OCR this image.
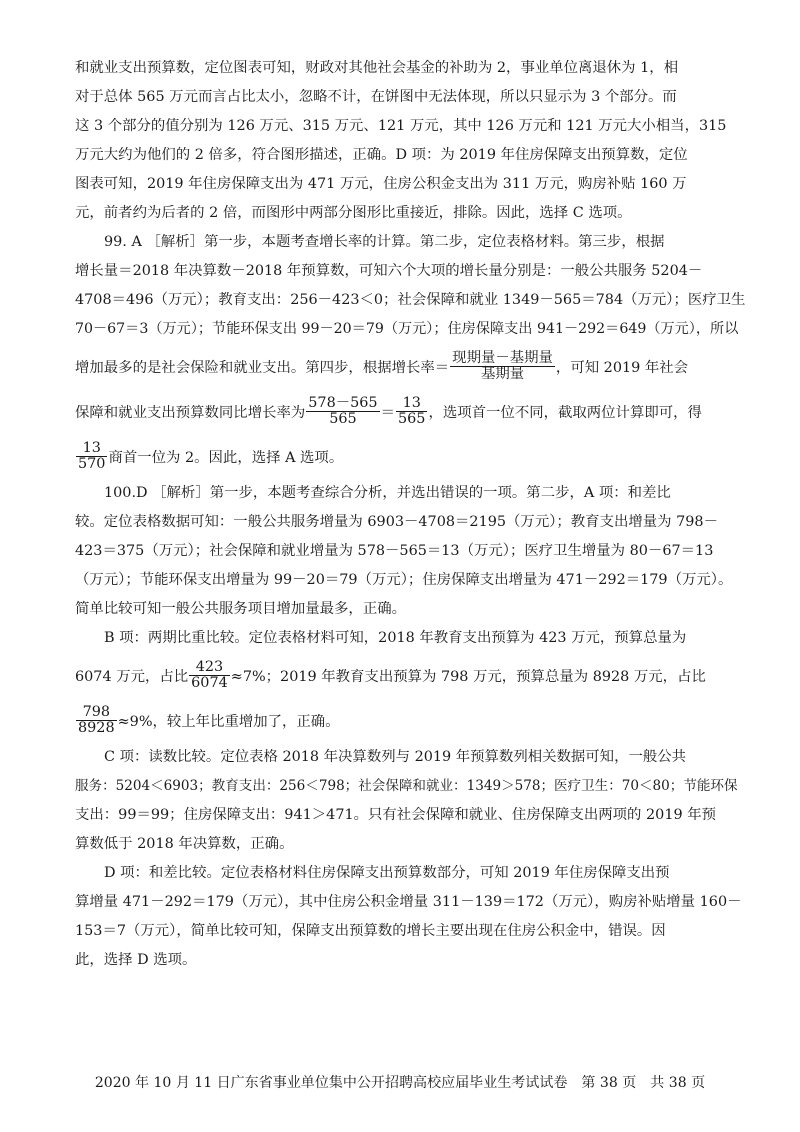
和就业支出预算数，定位图表可知，财政对其他社会基金的补助为 2，事业单位离退休为 1，相
对于总体 565 万元而言占比太小，忽略不计，在饼图中无法体现，所以只显示为 3 个部分。而
这 3 个部分的值分别为 126 万元、315 万元、121 万元，其中 126 万元和 121 万元大小相当，315
万元大约为他们的 2 倍多，符合图形描述，正确。D 项：为 2019 年住房保障支出预算数，定位
图表可知，2019 年住房保障支出为 471 万元，住房公积金支出为 311 万元，购房补贴 160 万
元，前者约为后者的 2 倍，而图形中两部分图形比重接近，排除。因此，选择 C 选项。
99. A ［解析］第一步，本题考查增长率的计算。第二步，定位表格材料。第三步，根据
增长量＝2018 年决算数－2018 年预算数，可知六个大项的增长量分别是：一般公共服务 5204－
4708＝496（万元）；教育支出：256－423＜0；社会保障和就业 1349－565＝784（万元）；医疗卫生
70－67＝3（万元）；节能环保支出 99－20＝79（万元）；住房保障支出 941－292＝649（万元），所以
增加最多的是社会保险和就业支出。第四步，根据增长率＝ $\frac{\text{现期量－基期量}}{\text{基期量}}$ ，可知 2019 年社会
保障和就业支出预算数同比增长率为 $\frac{578-565}{565} = \frac{13}{565}$ ，选项首一位不同，截取两位计算即可，得
$\frac{13}{570}$ 商首一位为 2。因此，选择 A 选项。
100.D ［解析］第一步，本题考查综合分析，并选出错误的一项。第二步，A 项：和差比
较。定位表格数据可知：一般公共服务增量为 6903－4708＝2195（万元）；教育支出增量为 798－
423＝375（万元）；社会保障和就业增量为 578－565＝13（万元）；医疗卫生增量为 80－67＝13
（万元）；节能环保支出增量为 99－20＝79（万元）；住房保障支出增量为 471－292＝179（万元）。
简单比较可知一般公共服务项目增加量最多，正确。
B 项：两期比重比较。定位表格材料可知，2018 年教育支出预算为 423 万元，预算总量为
6074 万元，占比 $\frac{423}{6074} \approx 7\%$；2019 年教育支出预算为 798 万元，预算总量为 8928 万元，占比
$\frac{798}{8928} \approx 9\%$，较上年比重增加了，正确。
C 项：读数比较。定位表格 2018 年决算数列与 2019 年预算数列相关数据可知，一般公共
服务：5204＜6903；教育支出：256＜798；社会保障和就业：1349＞578；医疗卫生：70＜80；节能环保
支出：99＝99；住房保障支出：941＞471。只有社会保障和就业、住房保障支出两项的 2019 年预
算数低于 2018 年决算数，正确。
D 项：和差比较。定位表格材料住房保障支出预算数部分，可知 2019 年住房保障支出预
算增量 471－292＝179（万元），其中住房公积金增量 311－139＝172（万元），购房补贴增量 160－
153＝7（万元），简单比较可知，保障支出预算数的增长主要出现在住房公积金中，错误。因
此，选择 D 选项。
2020 年 10 月 11 日广东省事业单位集中公开招聘高校应届毕业生考试试卷　第 38 页　共 38 页
